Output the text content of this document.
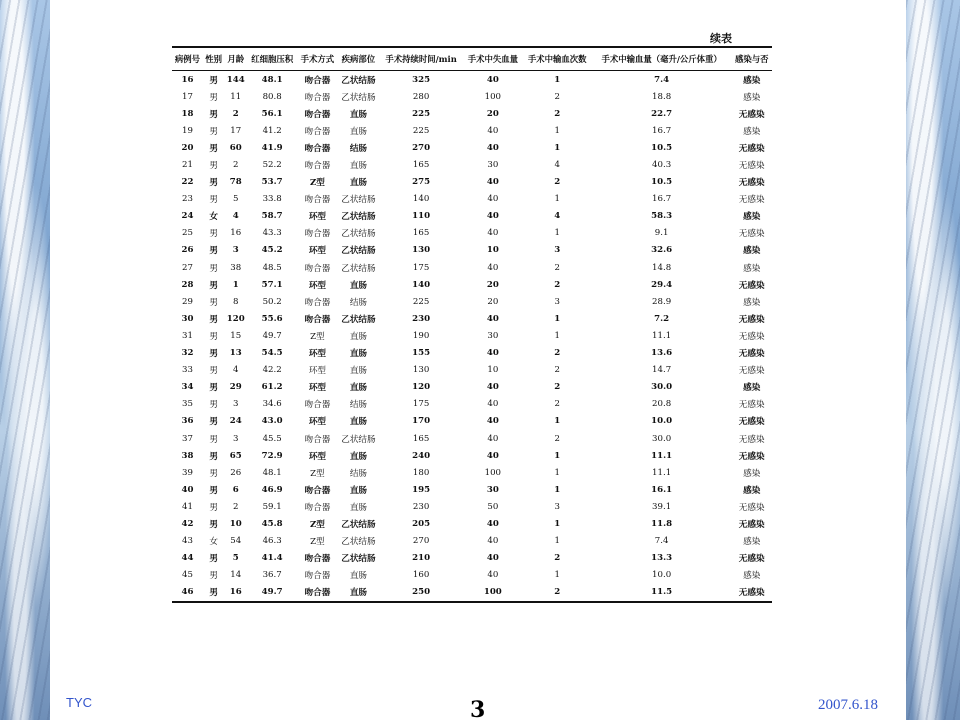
续表
病例号	性别	月龄	红细胞压积	手术方式	疾病部位	手术持续时间/min	手术中失血量	手术中输血次数	手术中输血量（毫升/公斤体重）	感染与否
16	男	144	48.1	吻合器	乙状结肠	325	40	1	7.4	感染
17	男	11	80.8	吻合器	乙状结肠	280	100	2	18.8	感染
18	男	2	56.1	吻合器	直肠	225	20	2	22.7	无感染
19	男	17	41.2	吻合器	直肠	225	40	1	16.7	感染
20	男	60	41.9	吻合器	结肠	270	40	1	10.5	无感染
21	男	2	52.2	吻合器	直肠	165	30	4	40.3	无感染
22	男	78	53.7	Z型	直肠	275	40	2	10.5	无感染
23	男	5	33.8	吻合器	乙状结肠	140	40	1	16.7	无感染
24	女	4	58.7	环型	乙状结肠	110	40	4	58.3	感染
25	男	16	43.3	吻合器	乙状结肠	165	40	1	9.1	无感染
26	男	3	45.2	环型	乙状结肠	130	10	3	32.6	感染
27	男	38	48.5	吻合器	乙状结肠	175	40	2	14.8	感染
28	男	1	57.1	环型	直肠	140	20	2	29.4	无感染
29	男	8	50.2	吻合器	结肠	225	20	3	28.9	感染
30	男	120	55.6	吻合器	乙状结肠	230	40	1	7.2	无感染
31	男	15	49.7	Z型	直肠	190	30	1	11.1	无感染
32	男	13	54.5	环型	直肠	155	40	2	13.6	无感染
33	男	4	42.2	环型	直肠	130	10	2	14.7	无感染
34	男	29	61.2	环型	直肠	120	40	2	30.0	感染
35	男	3	34.6	吻合器	结肠	175	40	2	20.8	无感染
36	男	24	43.0	环型	直肠	170	40	1	10.0	无感染
37	男	3	45.5	吻合器	乙状结肠	165	40	2	30.0	无感染
38	男	65	72.9	环型	直肠	240	40	1	11.1	无感染
39	男	26	48.1	Z型	结肠	180	100	1	11.1	感染
40	男	6	46.9	吻合器	直肠	195	30	1	16.1	感染
41	男	2	59.1	吻合器	直肠	230	50	3	39.1	无感染
42	男	10	45.8	Z型	乙状结肠	205	40	1	11.8	无感染
43	女	54	46.3	Z型	乙状结肠	270	40	1	7.4	感染
44	男	5	41.4	吻合器	乙状结肠	210	40	2	13.3	无感染
45	男	14	36.7	吻合器	直肠	160	40	1	10.0	感染
46	男	16	49.7	吻合器	直肠	250	100	2	11.5	无感染
TYC	3	2007.6.18
